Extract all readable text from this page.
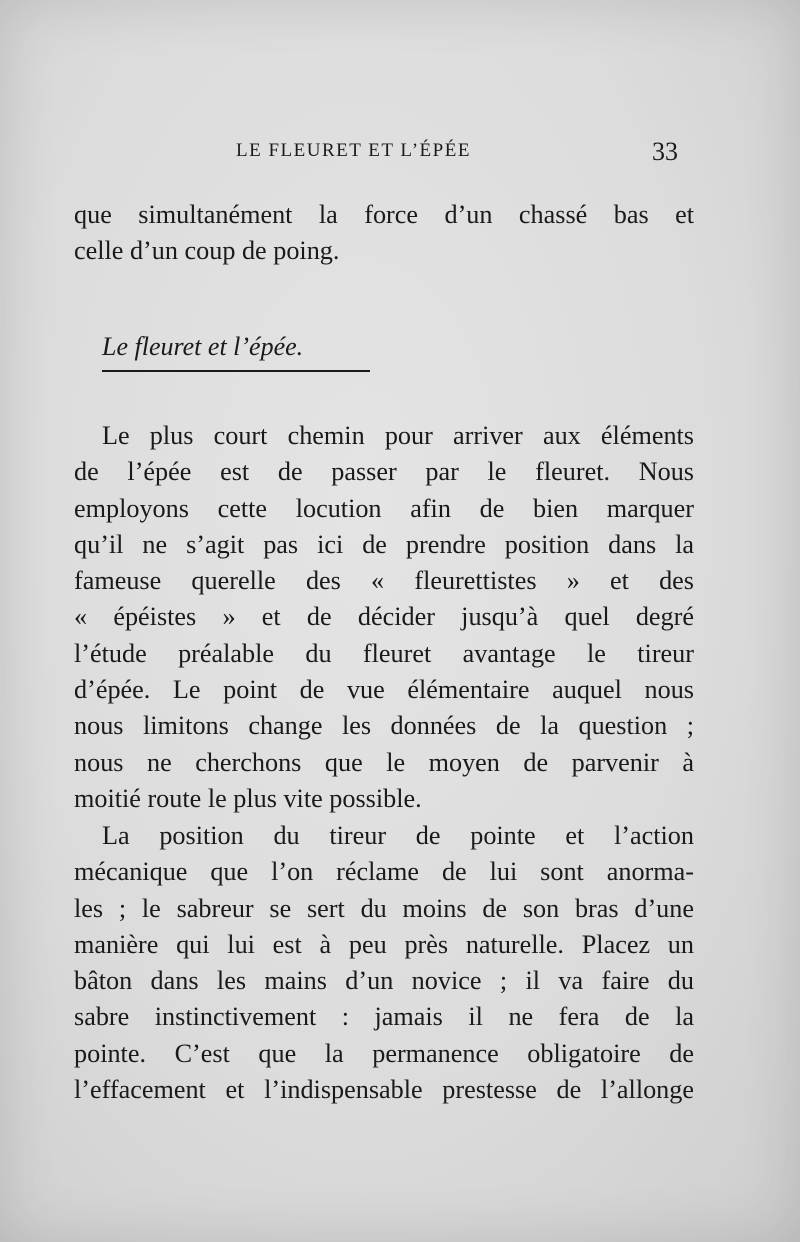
LE FLEURET ET L’ÉPÉE	33
que simultanément la force d’un chassé bas et
celle d’un coup de poing.
Le fleuret et l’épée.
Le plus court chemin pour arriver aux éléments
de l’épée est de passer par le fleuret. Nous
employons cette locution afin de bien marquer
qu’il ne s’agit pas ici de prendre position dans la
fameuse querelle des « fleurettistes » et des
« épéistes » et de décider jusqu’à quel degré
l’étude préalable du fleuret avantage le tireur
d’épée. Le point de vue élémentaire auquel nous
nous limitons change les données de la question ;
nous ne cherchons que le moyen de parvenir à
moitié route le plus vite possible.
La position du tireur de pointe et l’action
mécanique que l’on réclame de lui sont anorma-
les ; le sabreur se sert du moins de son bras d’une
manière qui lui est à peu près naturelle. Placez un
bâton dans les mains d’un novice ; il va faire du
sabre instinctivement : jamais il ne fera de la
pointe. C’est que la permanence obligatoire de
l’effacement et l’indispensable prestesse de l’allonge
